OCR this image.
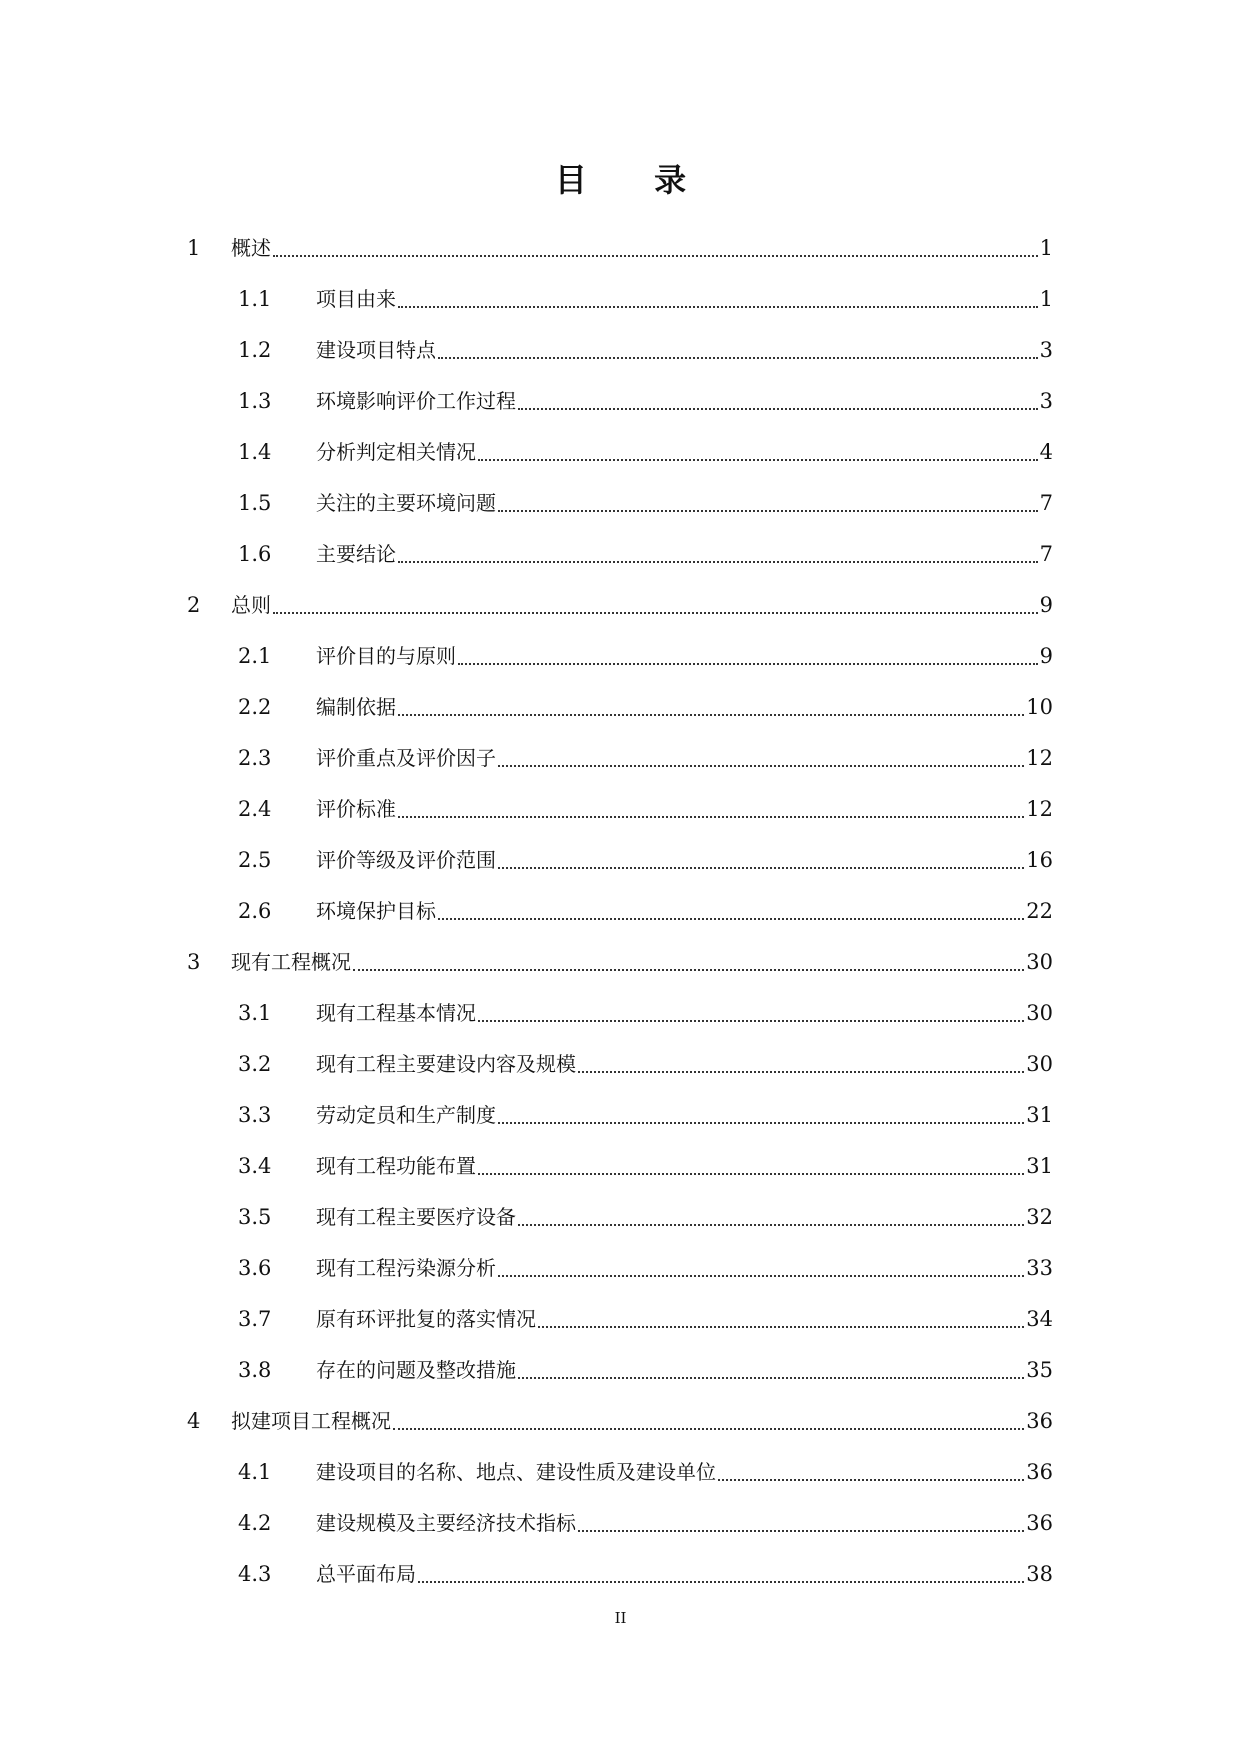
目 录
1	概述	1
1.1	项目由来	1
1.2	建设项目特点	3
1.3	环境影响评价工作过程	3
1.4	分析判定相关情况	4
1.5	关注的主要环境问题	7
1.6	主要结论	7
2	总则	9
2.1	评价目的与原则	9
2.2	编制依据	10
2.3	评价重点及评价因子	12
2.4	评价标准	12
2.5	评价等级及评价范围	16
2.6	环境保护目标	22
3	现有工程概况	30
3.1	现有工程基本情况	30
3.2	现有工程主要建设内容及规模	30
3.3	劳动定员和生产制度	31
3.4	现有工程功能布置	31
3.5	现有工程主要医疗设备	32
3.6	现有工程污染源分析	33
3.7	原有环评批复的落实情况	34
3.8	存在的问题及整改措施	35
4	拟建项目工程概况	36
4.1	建设项目的名称、地点、建设性质及建设单位	36
4.2	建设规模及主要经济技术指标	36
4.3	总平面布局	38
II
